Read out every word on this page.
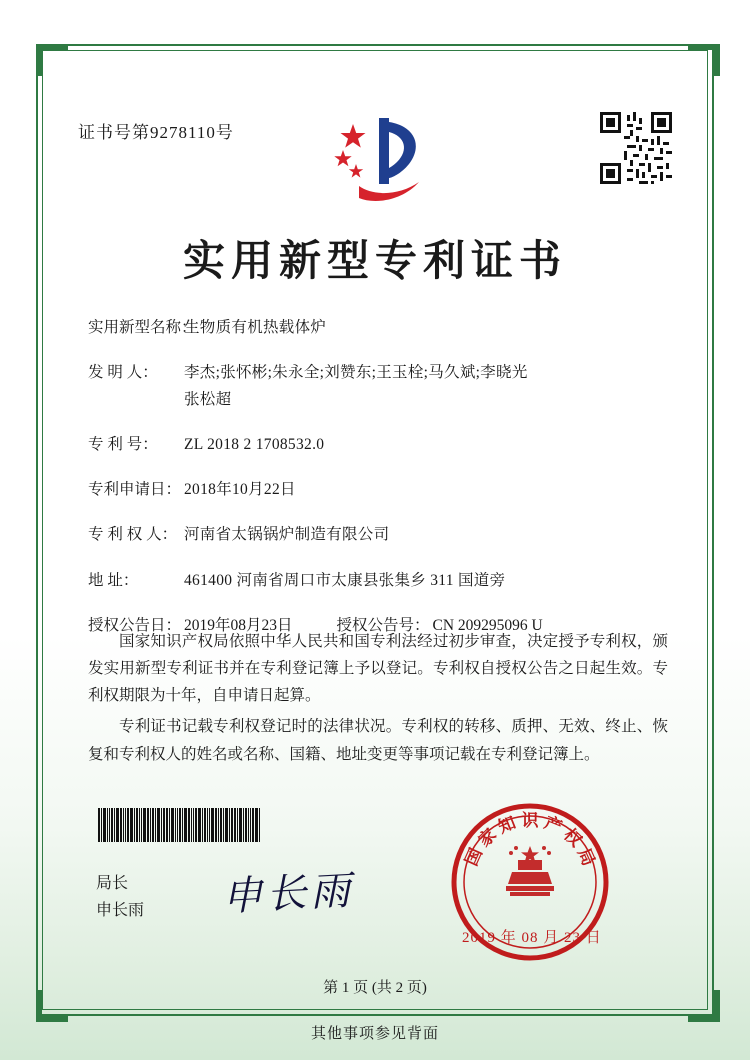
证书号第9278110号
实用新型专利证书
实用新型名称：
生物质有机热载体炉
发 明 人：	李杰;张怀彬;朱永全;刘赞东;王玉栓;马久斌;李晓光
张松超
专 利 号：	ZL 2018 2 1708532.0
专利申请日： 2018年10月22日
专 利 权 人： 河南省太锅锅炉制造有限公司
地 址：	461400 河南省周口市太康县张集乡 311 国道旁
授权公告日： 2019年08月23日	授权公告号： CN 209295096 U

国家知识产权局依照中华人民共和国专利法经过初步审查，决定授予专利权，颁发实用新型专利证书并在专利登记簿上予以登记。专利权自授权公告之日起生效。专利权期限为十年，自申请日起算。

专利证书记载专利权登记时的法律状况。专利权的转移、质押、无效、终止、恢复和专利权人的姓名或名称、国籍、地址变更等事项记载在专利登记簿上。

局长
申长雨 申长雨
国
家
知 识 产
权
局
2019 年 08 月 23 日
第 1 页 (共 2 页)
其他事项参见背面
